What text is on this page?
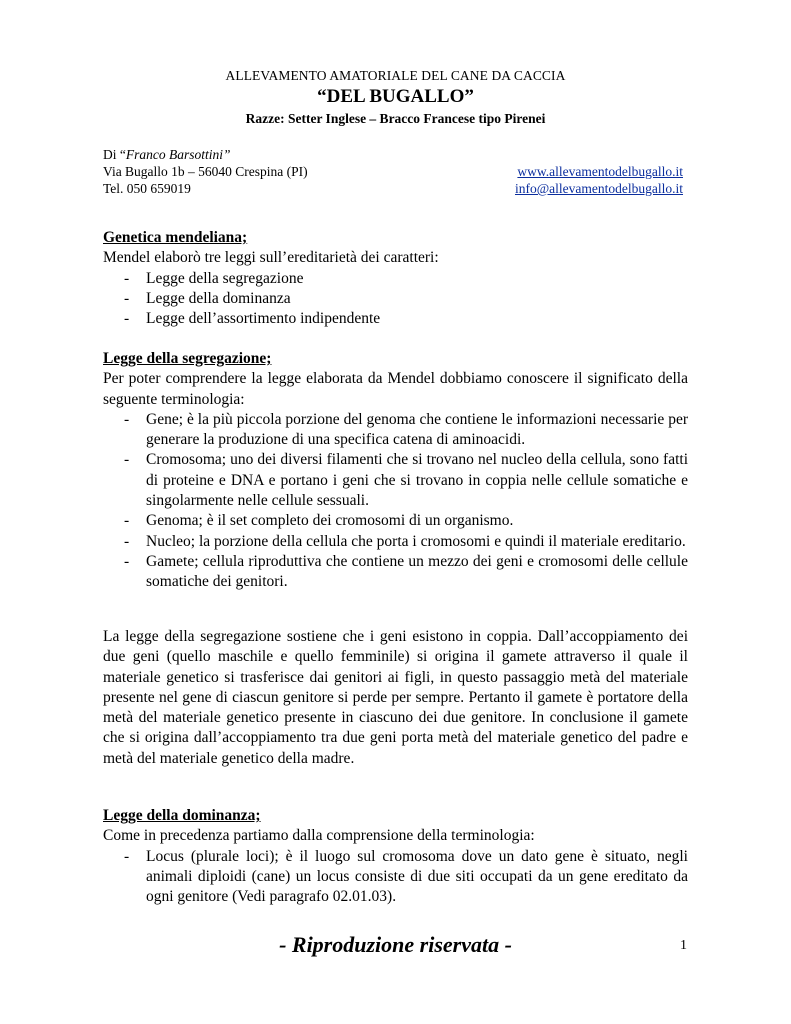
ALLEVAMENTO AMATORIALE DEL CANE DA CACCIA
“DEL BUGALLO”
Razze: Setter Inglese – Bracco Francese tipo Pirenei
Di “Franco Barsottini”
Via Bugallo 1b – 56040 Crespina (PI)
Tel. 050 659019
www.allevamentodelbugallo.it
info@allevamentodelbugallo.it
Genetica mendeliana;
Mendel elaborò tre leggi sull’ereditarietà dei caratteri:
- Legge della segregazione
- Legge della dominanza
- Legge dell’assortimento indipendente
Legge della segregazione;
Per poter comprendere la legge elaborata da Mendel dobbiamo conoscere il significato della seguente terminologia:
- Gene; è la più piccola porzione del genoma che contiene le informazioni necessarie per generare la produzione di una specifica catena di aminoacidi.
- Cromosoma; uno dei diversi filamenti che si trovano nel nucleo della cellula, sono fatti di proteine e DNA e portano i geni che si trovano in coppia nelle cellule somatiche e singolarmente nelle cellule sessuali.
- Genoma; è il set completo dei cromosomi di un organismo.
- Nucleo; la porzione della cellula che porta i cromosomi e quindi il materiale ereditario.
- Gamete; cellula riproduttiva che contiene un mezzo dei geni e cromosomi delle cellule somatiche dei genitori.
La legge della segregazione sostiene che i geni esistono in coppia. Dall’accoppiamento dei due geni (quello maschile e quello femminile) si origina il gamete attraverso il quale il materiale genetico si trasferisce dai genitori ai figli, in questo passaggio metà del materiale presente nel gene di ciascun genitore si perde per sempre. Pertanto il gamete è portatore della metà del materiale genetico presente in ciascuno dei due genitore. In conclusione il gamete che si origina dall’accoppiamento tra due geni porta metà del materiale genetico del padre e metà del materiale genetico della madre.
Legge della dominanza;
Come in precedenza partiamo dalla comprensione della terminologia:
- Locus (plurale loci); è il luogo sul cromosoma dove un dato gene è situato, negli animali diploidi (cane) un locus consiste di due siti occupati da un gene ereditato da ogni genitore (Vedi paragrafo 02.01.03).
- Riproduzione riservata -	1
